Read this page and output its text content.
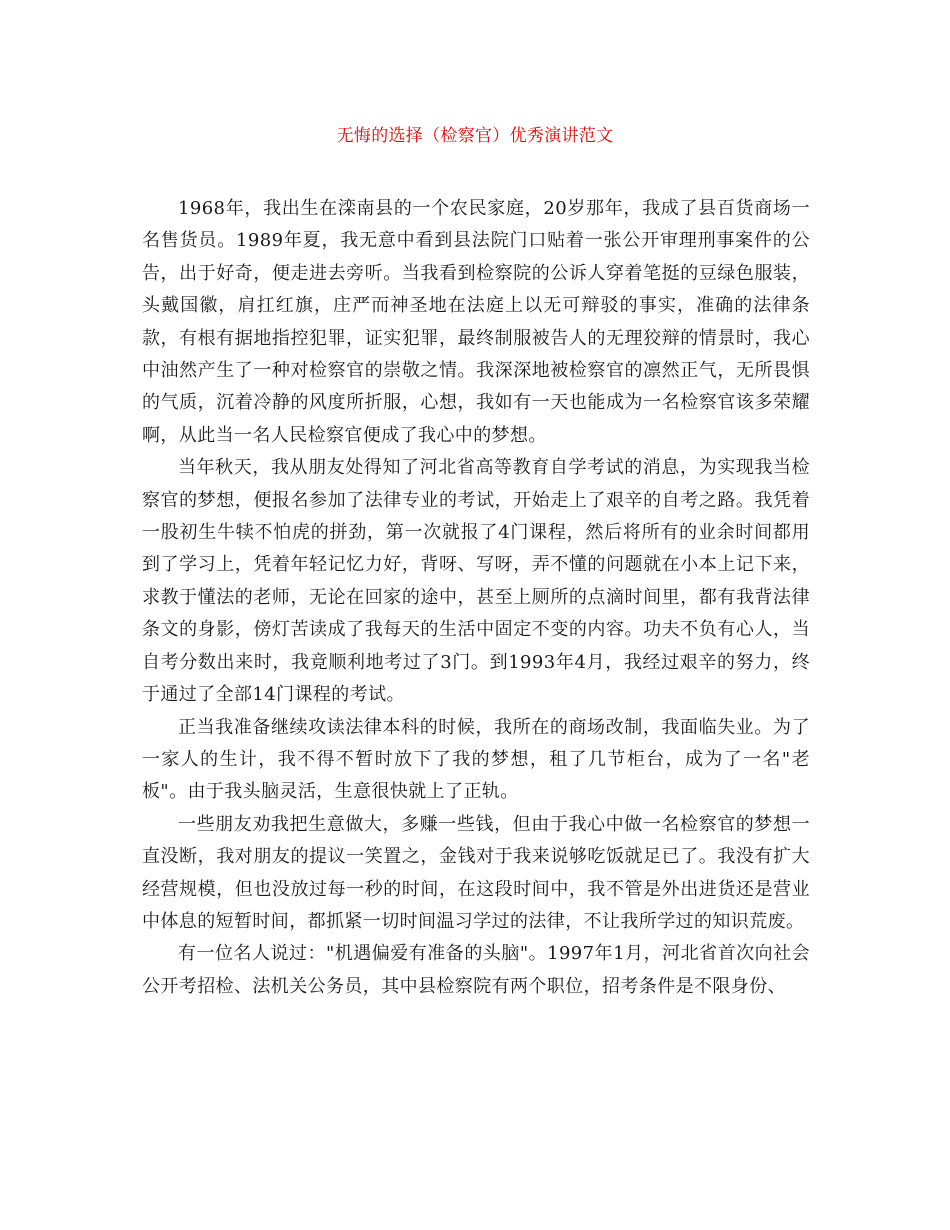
无悔的选择（检察官）优秀演讲范文

1968年，我出生在滦南县的一个农民家庭，20岁那年，我成了县百货商场一名售货员。1989年夏，我无意中看到县法院门口贴着一张公开审理刑事案件的公告，出于好奇，便走进去旁听。当我看到检察院的公诉人穿着笔挺的豆绿色服装，头戴国徽，肩扛红旗，庄严而神圣地在法庭上以无可辩驳的事实，准确的法律条款，有根有据地指控犯罪，证实犯罪，最终制服被告人的无理狡辩的情景时，我心中油然产生了一种对检察官的崇敬之情。我深深地被检察官的凛然正气，无所畏惧的气质，沉着冷静的风度所折服，心想，我如有一天也能成为一名检察官该多荣耀啊，从此当一名人民检察官便成了我心中的梦想。

当年秋天，我从朋友处得知了河北省高等教育自学考试的消息，为实现我当检察官的梦想，便报名参加了法律专业的考试，开始走上了艰辛的自考之路。我凭着一股初生牛犊不怕虎的拼劲，第一次就报了4门课程，然后将所有的业余时间都用到了学习上，凭着年轻记忆力好，背呀、写呀，弄不懂的问题就在小本上记下来，求教于懂法的老师，无论在回家的途中，甚至上厕所的点滴时间里，都有我背法律条文的身影，傍灯苦读成了我每天的生活中固定不变的内容。功夫不负有心人，当自考分数出来时，我竟顺利地考过了3门。到1993年4月，我经过艰辛的努力，终于通过了全部14门课程的考试。

正当我准备继续攻读法律本科的时候，我所在的商场改制，我面临失业。为了一家人的生计，我不得不暂时放下了我的梦想，租了几节柜台，成为了一名"老板"。由于我头脑灵活，生意很快就上了正轨。

一些朋友劝我把生意做大，多赚一些钱，但由于我心中做一名检察官的梦想一直没断，我对朋友的提议一笑置之，金钱对于我来说够吃饭就足已了。我没有扩大经营规模，但也没放过每一秒的时间，在这段时间中，我不管是外出进货还是营业中体息的短暂时间，都抓紧一切时间温习学过的法律，不让我所学过的知识荒废。

有一位名人说过："机遇偏爱有准备的头脑"。1997年1月，河北省首次向社会公开考招检、法机关公务员，其中县检察院有两个职位，招考条件是不限身份、
